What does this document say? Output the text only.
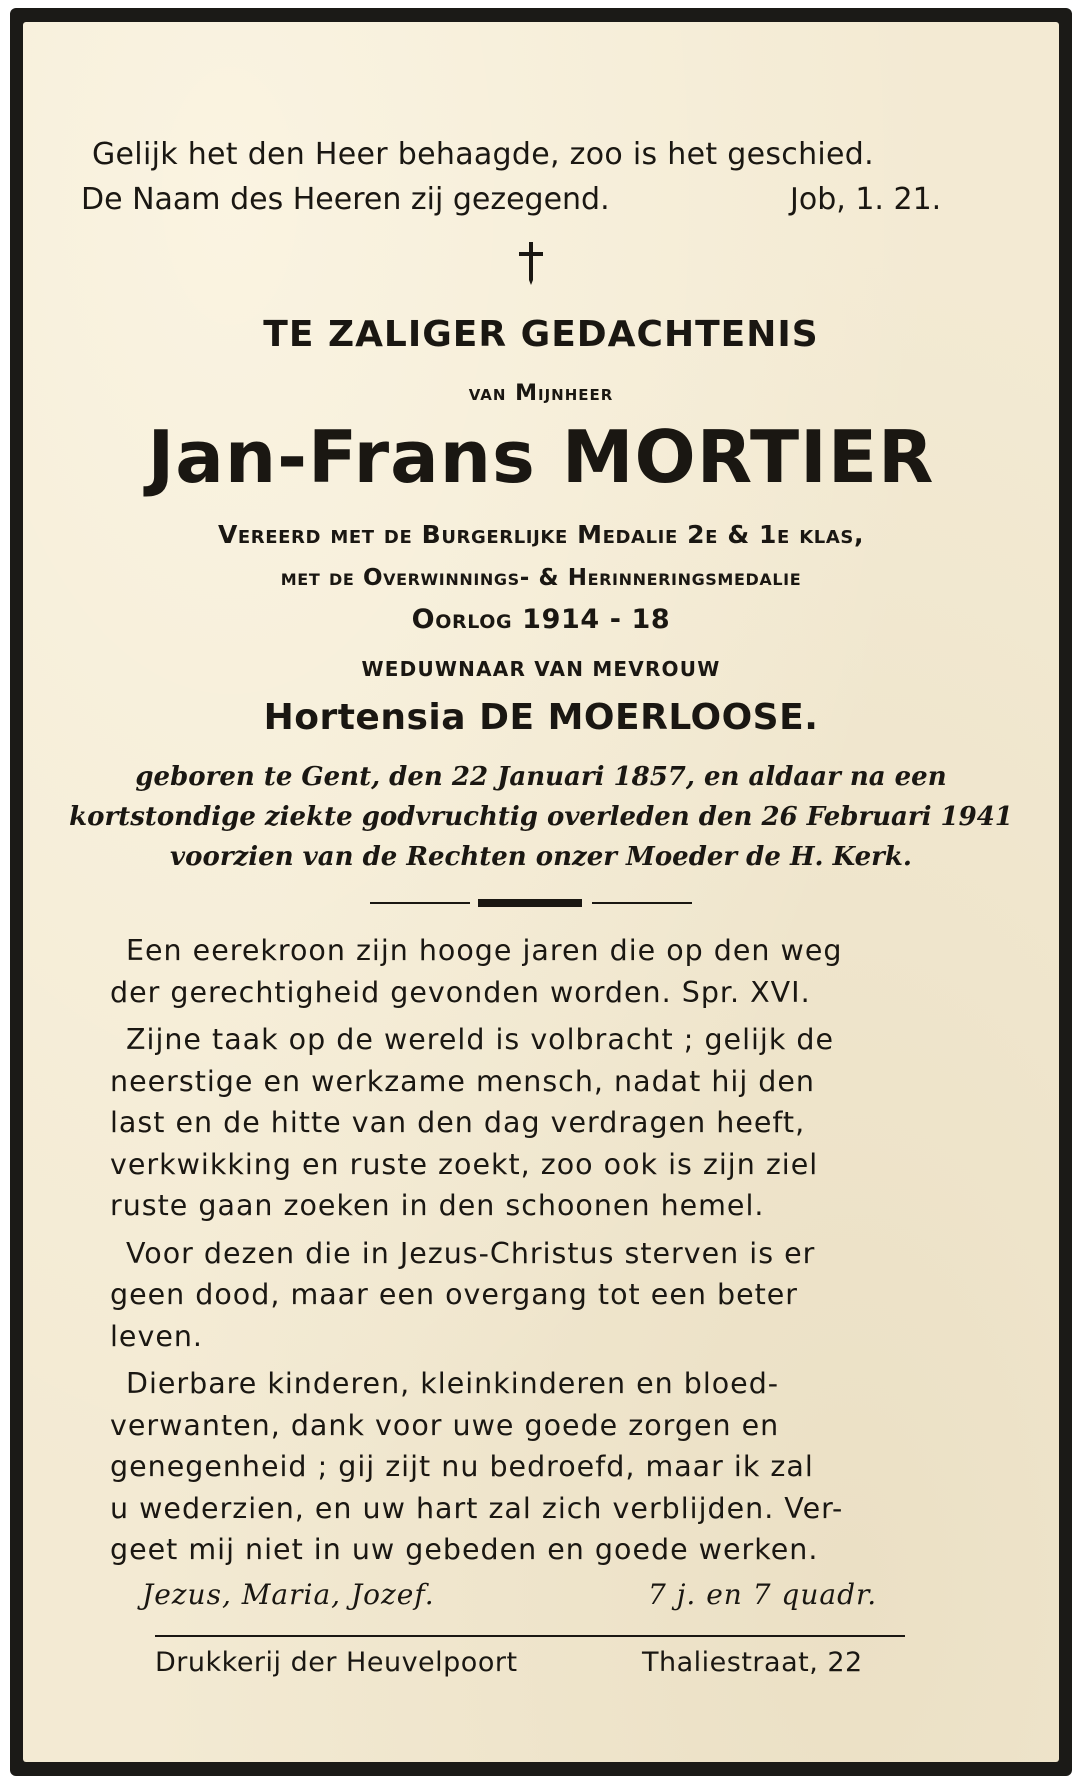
Gelijk het den Heer behaagde, zoo is het geschied.
De Naam des Heeren zij gezegend.	Job, 1. 21.
TE ZALIGER GEDACHTENIS
van Mijnheer
Jan-Frans MORTIER
Vereerd met de Burgerlijke Medalie 2e & 1e klas,
met de Overwinnings- & Herinneringsmedalie
Oorlog 1914 - 18
WEDUWNAAR VAN MEVROUW
Hortensia DE MOERLOOSE.
geboren te Gent, den 22 Januari 1857, en aldaar na een
kortstondige ziekte godvruchtig overleden den 26 Februari 1941
voorzien van de Rechten onzer Moeder de H. Kerk.

Een eerekroon zijn hooge jaren die op den weg

der gerechtigheid gevonden worden. Spr. XVI.

Zijne taak op de wereld is volbracht ; gelijk de

neerstige en werkzame mensch, nadat hij den

last en de hitte van den dag verdragen heeft,

verkwikking en ruste zoekt, zoo ook is zijn ziel

ruste gaan zoeken in den schoonen hemel.

Voor dezen die in Jezus-Christus sterven is er

geen dood, maar een overgang tot een beter

leven.

Dierbare kinderen, kleinkinderen en bloed-

verwanten, dank voor uwe goede zorgen en

genegenheid ; gij zijt nu bedroefd, maar ik zal

u wederzien, en uw hart zal zich verblijden. Ver-

geet mij niet in uw gebeden en goede werken.

Jezus, Maria, Jozef.	7 j. en 7 quadr.
Drukkerij der Heuvelpoort	Thaliestraat, 22
